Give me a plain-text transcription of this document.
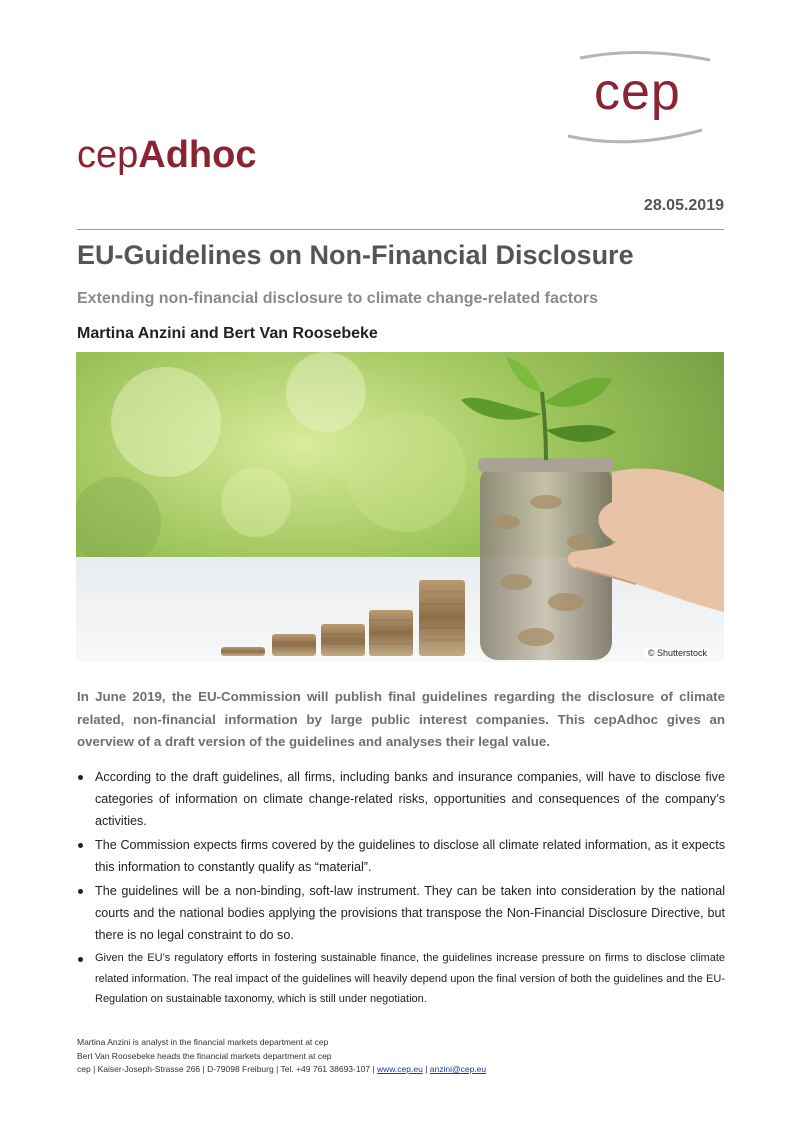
cep
cepAdhoc
28.05.2019
EU-Guidelines on Non-Financial Disclosure
Extending non-financial disclosure to climate change-related factors
Martina Anzini and Bert Van Roosebeke
© Shutterstock

In June 2019, the EU-Commission will publish final guidelines regarding the disclosure of climate related, non-financial information by large public interest companies. This cepAdhoc gives an overview of a draft version of the guidelines and analyses their legal value.

According to the draft guidelines, all firms, including banks and insurance companies, will have to disclose five categories of information on climate change-related risks, opportunities and consequences of the company’s activities.
The Commission expects firms covered by the guidelines to disclose all climate related information, as it expects this information to constantly qualify as “material”.
The guidelines will be a non-binding, soft-law instrument. They can be taken into consideration by the national courts and the national bodies applying the provisions that transpose the Non-Financial Disclosure Directive, but there is no legal constraint to do so.
Given the EU’s regulatory efforts in fostering sustainable finance, the guidelines increase pressure on firms to disclose climate related information. The real impact of the guidelines will heavily depend upon the final version of both the guidelines and the EU-Regulation on sustainable taxonomy, which is still under negotiation.
Martina Anzini is analyst in the financial markets department at cep
Bert Van Roosebeke heads the financial markets department at cep
cep | Kaiser-Joseph-Strasse 266 | D-79098 Freiburg | Tel. +49 761 38693-107 | www.cep.eu | anzini@cep.eu
